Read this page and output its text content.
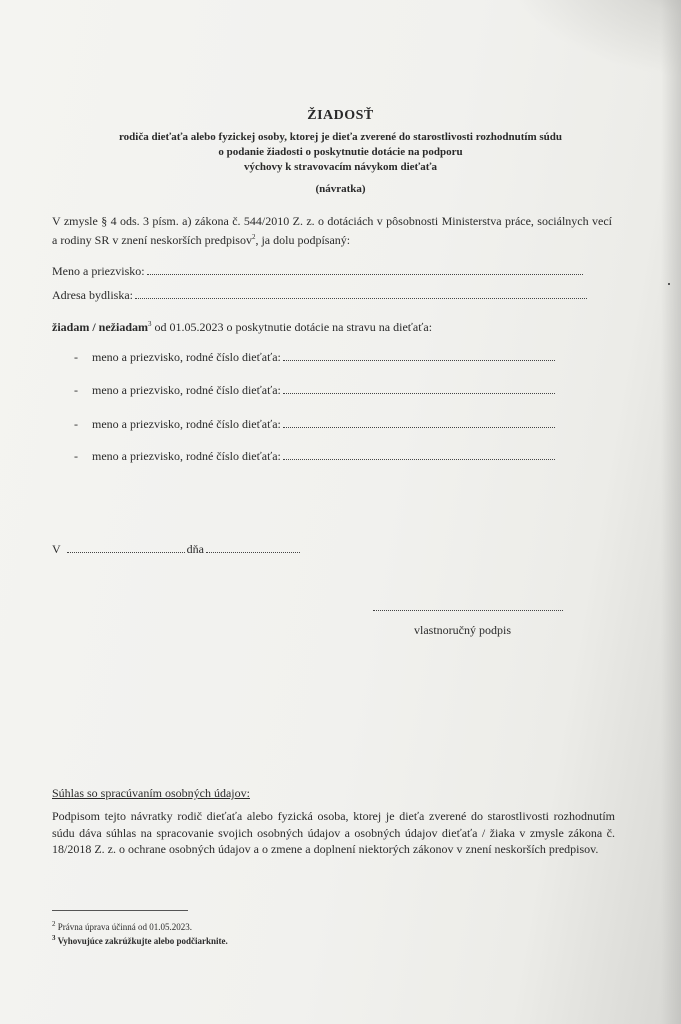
ŽIADOSŤ
rodiča dieťaťa alebo fyzickej osoby, ktorej je dieťa zverené do starostlivosti rozhodnutím súdu
o podanie žiadosti o poskytnutie dotácie na podporu
výchovy k stravovacím návykom dieťaťa
(návratka)
V zmysle § 4 ods. 3 písm. a) zákona č. 544/2010 Z. z. o dotáciách v pôsobnosti Ministerstva práce, sociálnych vecí a rodiny SR v znení neskorších predpisov$^2$, ja dolu podpísaný:
Meno a priezvisko:
Adresa bydliska:
žiadam / nežiadam$^3$ od 01.05.2023 o poskytnutie dotácie na stravu na dieťaťa:
-	meno a priezvisko, rodné číslo dieťaťa:
-	meno a priezvisko, rodné číslo dieťaťa:
-	meno a priezvisko, rodné číslo dieťaťa:
-	meno a priezvisko, rodné číslo dieťaťa:
V	dňa
vlastnoručný podpis
Súhlas so spracúvaním osobných údajov:
Podpisom tejto návratky rodič dieťaťa alebo fyzická osoba, ktorej je dieťa zverené do starostlivosti rozhodnutím súdu dáva súhlas na spracovanie svojich osobných údajov a osobných údajov dieťaťa / žiaka v zmysle zákona č. 18/2018 Z. z. o ochrane osobných údajov a o zmene a doplnení niektorých zákonov v znení neskorších predpisov.
$^2$ Právna úprava účinná od 01.05.2023.
$^3$ Vyhovujúce zakrúžkujte alebo podčiarknite.
